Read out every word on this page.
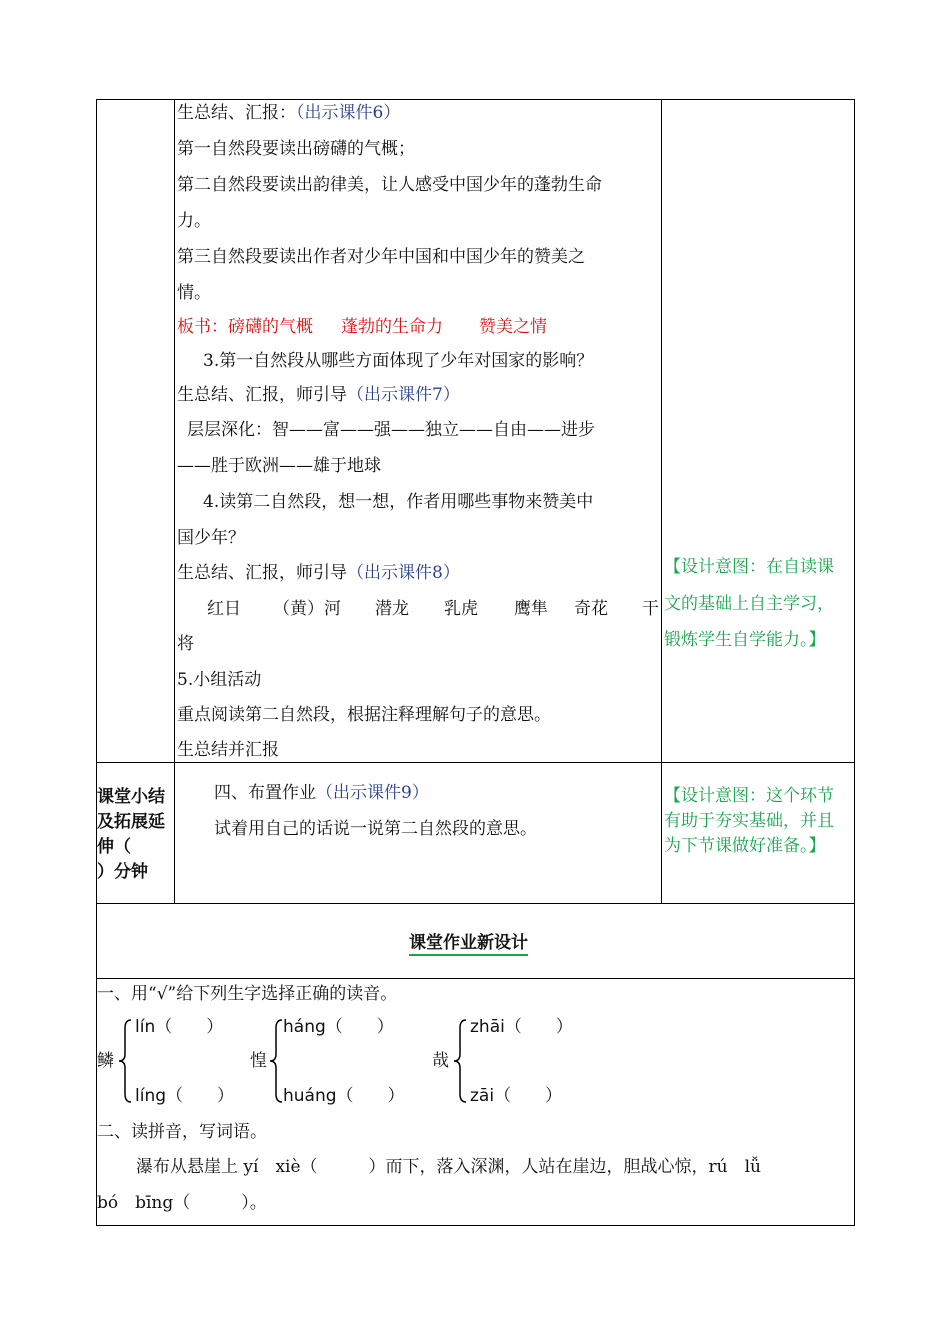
生总结、汇报：（出示课件6）
第一自然段要读出磅礴的气概；
第二自然段要读出韵律美，让人感受中国少年的蓬勃生命
力。
第三自然段要读出作者对少年中国和中国少年的赞美之
情。
板书：磅礴的气概 蓬勃的生命力 赞美之情
3.第一自然段从哪些方面体现了少年对国家的影响？
生总结、汇报，师引导（出示课件7）
层层深化：智——富——强——独立——自由——进步
——胜于欧洲——雄于地球
4.读第二自然段，想一想，作者用哪些事物来赞美中
国少年？
生总结、汇报，师引导（出示课件8）
红日 （黄）河 潜龙 乳虎 鹰隼 奇花 干
将
5.小组活动
重点阅读第二自然段，根据注释理解句子的意思。
生总结并汇报
【设计意图：在自读课
文的基础上自主学习，
锻炼学生自学能力。】
课堂小结
及拓展延
伸（
）分钟
四、布置作业（出示课件9）
试着用自己的话说一说第二自然段的意思。
【设计意图：这个环节
有助于夯实基础，并且
为下节课做好准备。】
课堂作业新设计
一、用“√”给下列生字选择正确的读音。
鳞
lín（　　）
líng（　　）
惶
háng（　　）
huáng（　　）
哉
zhāi（　　）
zāi（　　）
二、读拼音，写词语。
瀑布从悬崖上 yí　xiè（　　　）而下，落入深渊，人站在崖边，胆战心惊，rú　lǚ
bó　bīng（　　　）。
